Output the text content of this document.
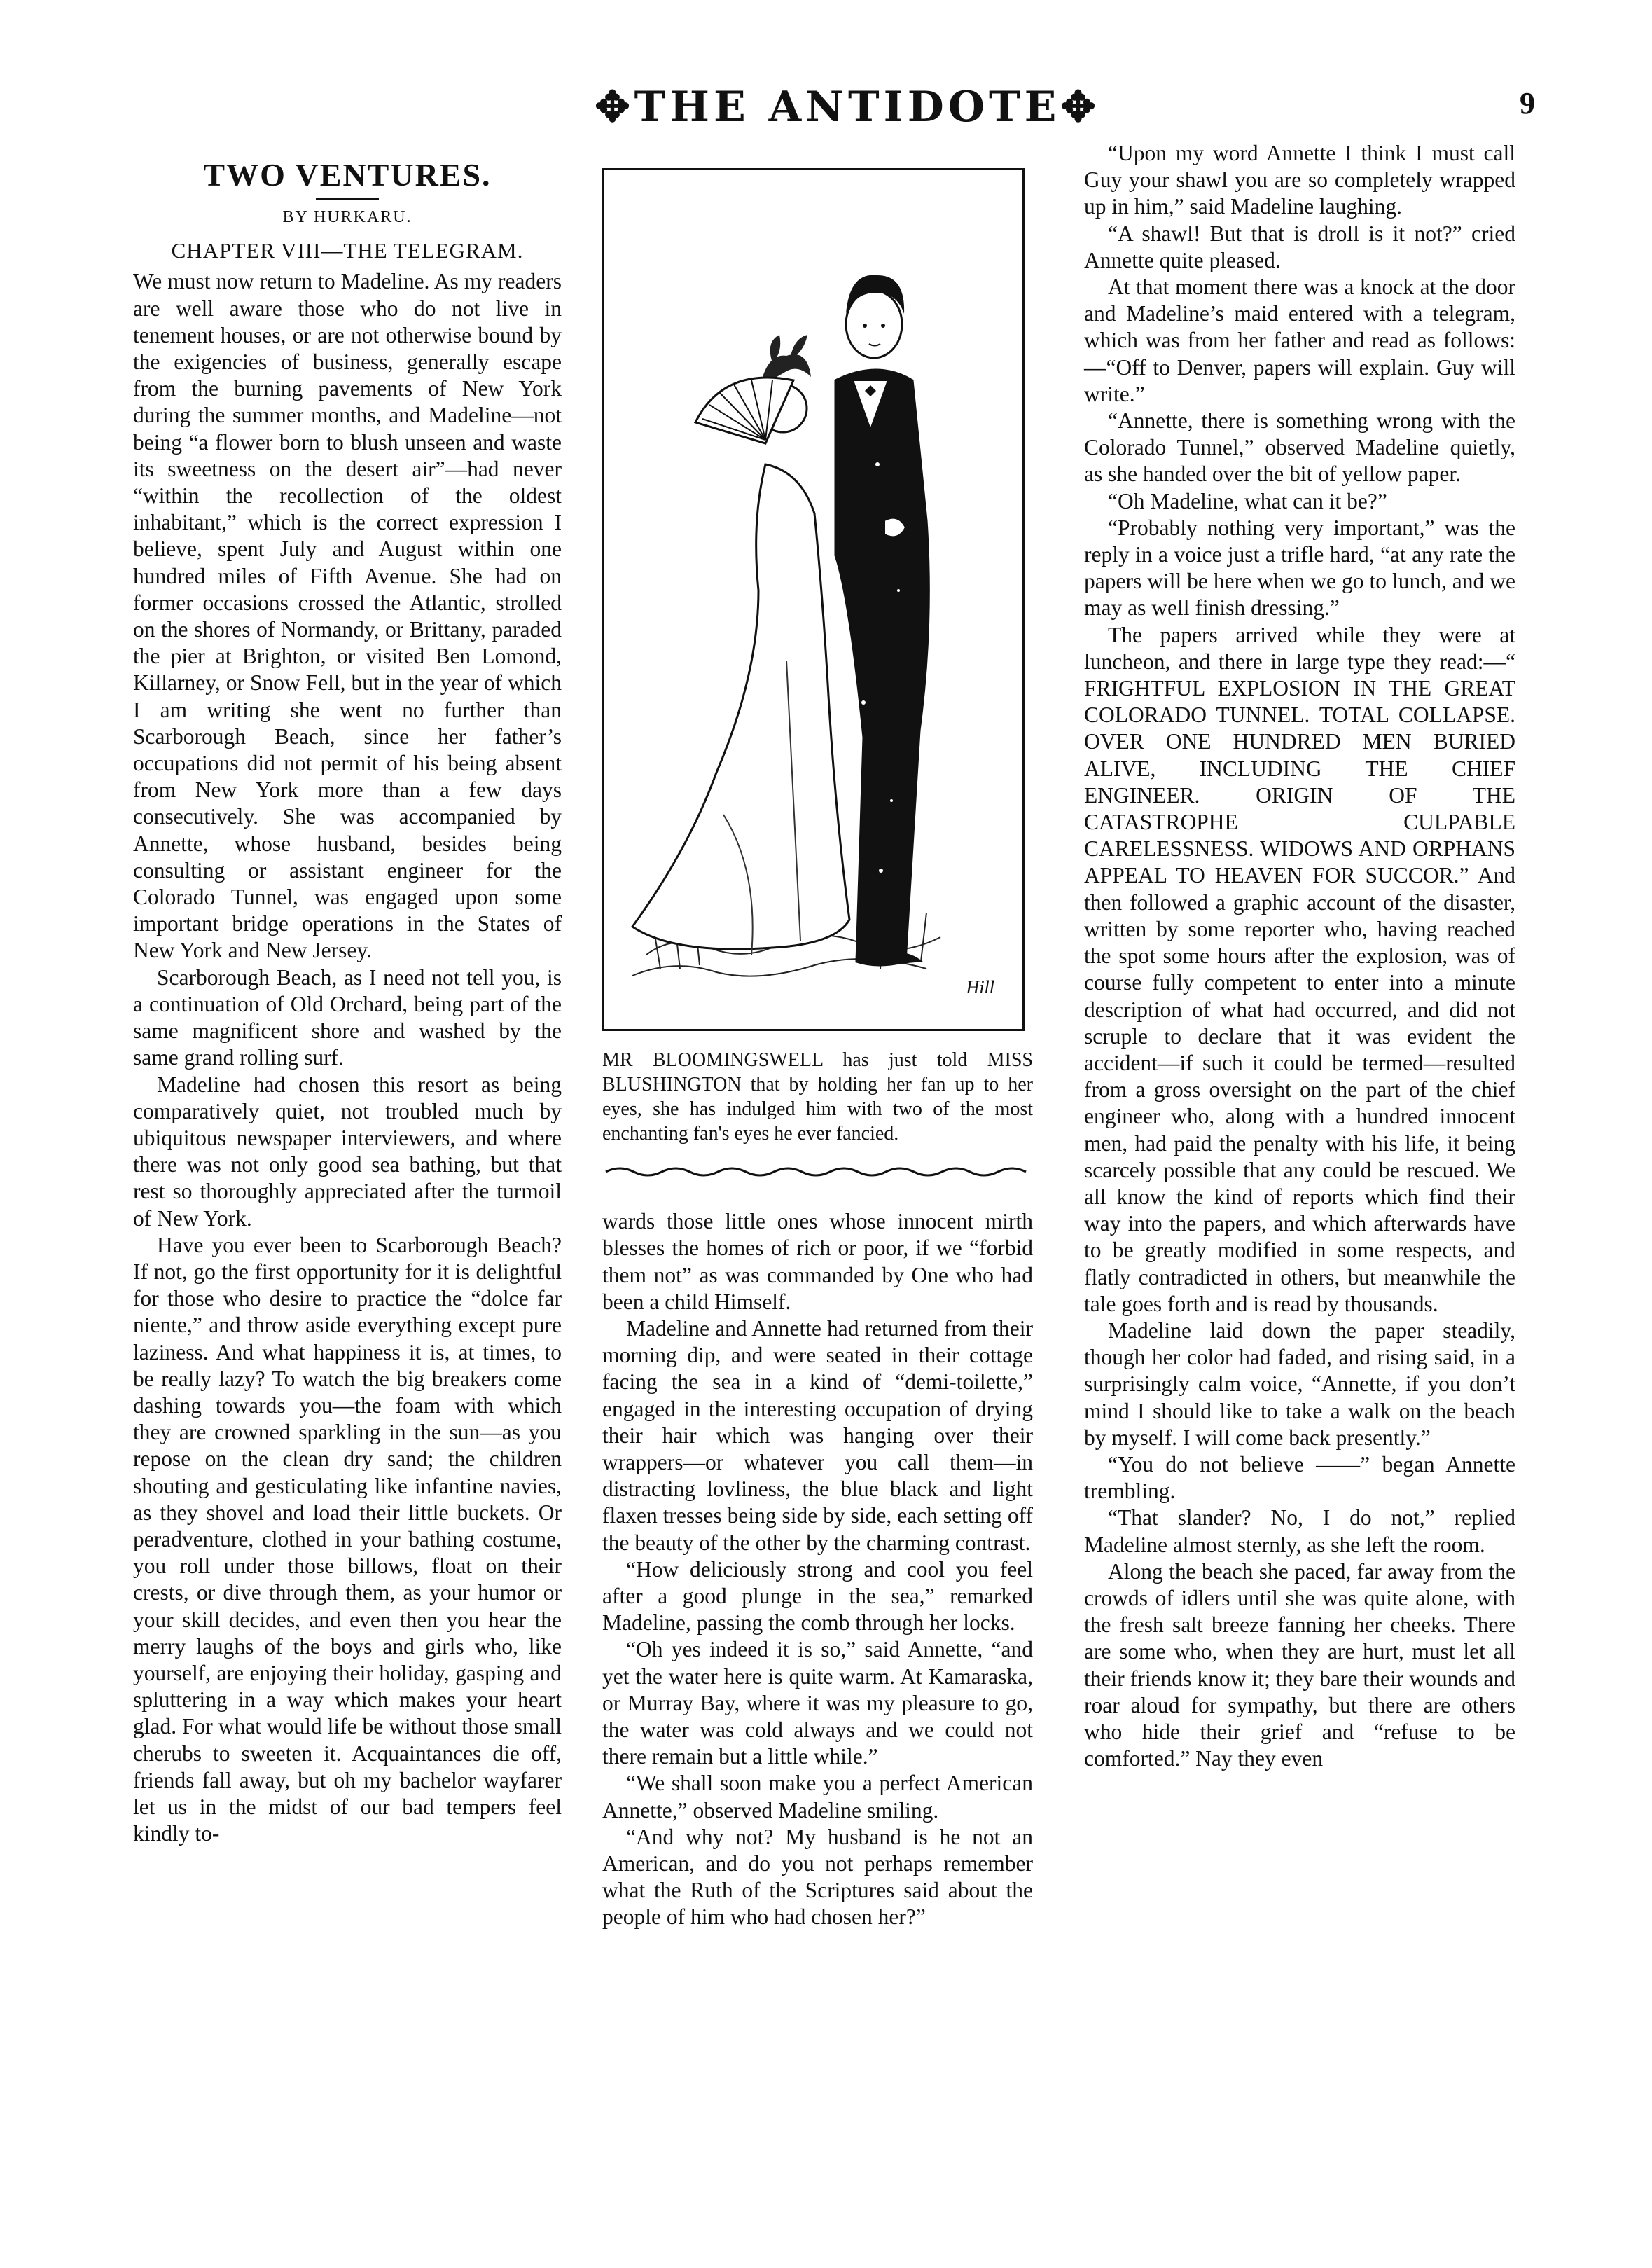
✥THE ANTIDOTE✥	9
TWO VENTURES.
BY HURKARU.
CHAPTER VIII—THE TELEGRAM.

We must now return to Madeline. As my readers are well aware those who do not live in tenement houses, or are not otherwise bound by the exigencies of business, generally escape from the burning pavements of New York during the summer months, and Madeline—not being “a flower born to blush unseen and waste its sweetness on the desert air”—had never “within the recollection of the oldest inhabitant,” which is the correct expression I believe, spent July and August within one hundred miles of Fifth Avenue. She had on former occasions crossed the Atlantic, strolled on the shores of Normandy, or Brittany, paraded the pier at Brighton, or visited Ben Lomond, Killarney, or Snow Fell, but in the year of which I am writing she went no further than Scarborough Beach, since her father’s occupations did not permit of his being absent from New York more than a few days consecutively. She was accompanied by Annette, whose husband, besides being consulting or assistant engineer for the Colorado Tunnel, was engaged upon some important bridge operations in the States of New York and New Jersey.

Scarborough Beach, as I need not tell you, is a continuation of Old Orchard, being part of the same magnificent shore and washed by the same grand rolling surf.

Madeline had chosen this resort as being comparatively quiet, not troubled much by ubiquitous newspaper interviewers, and where there was not only good sea bathing, but that rest so thoroughly appreciated after the turmoil of New York.

Have you ever been to Scarborough Beach? If not, go the first opportunity for it is delightful for those who desire to practice the “dolce far niente,” and throw aside everything except pure laziness. And what happiness it is, at times, to be really lazy? To watch the big breakers come dashing towards you—the foam with which they are crowned sparkling in the sun—as you repose on the clean dry sand; the children shouting and gesticulating like infantine navies, as they shovel and load their little buckets. Or peradventure, clothed in your bathing costume, you roll under those billows, float on their crests, or dive through them, as your humor or your skill decides, and even then you hear the merry laughs of the boys and girls who, like yourself, are enjoying their holiday, gasping and spluttering in a way which makes your heart glad. For what would life be without those small cherubs to sweeten it. Acquaintances die off, friends fall away, but oh my bachelor wayfarer let us in the midst of our bad tempers feel kindly to-

Hill
MR BLOOMINGSWELL has just told MISS BLUSHINGTON that by holding her fan up to her eyes, she has indulged him with two of the most enchanting fan's eyes he ever fancied.

wards those little ones whose innocent mirth blesses the homes of rich or poor, if we “forbid them not” as was commanded by One who had been a child Himself.

Madeline and Annette had returned from their morning dip, and were seated in their cottage facing the sea in a kind of “demi-toilette,” engaged in the interesting occupation of drying their hair which was hanging over their wrappers—or whatever you call them—in distracting lovliness, the blue black and light flaxen tresses being side by side, each setting off the beauty of the other by the charming contrast.

“How deliciously strong and cool you feel after a good plunge in the sea,” remarked Madeline, passing the comb through her locks.

“Oh yes indeed it is so,” said Annette, “and yet the water here is quite warm. At Kamaraska, or Murray Bay, where it was my pleasure to go, the water was cold always and we could not there remain but a little while.”

“We shall soon make you a perfect American Annette,” observed Madeline smiling.

“And why not? My husband is he not an American, and do you not perhaps remember what the Ruth of the Scriptures said about the people of him who had chosen her?”

“Upon my word Annette I think I must call Guy your shawl you are so completely wrapped up in him,” said Madeline laughing.

“A shawl! But that is droll is it not?” cried Annette quite pleased.

At that moment there was a knock at the door and Madeline’s maid entered with a telegram, which was from her father and read as follows:—“Off to Denver, papers will explain. Guy will write.”

“Annette, there is something wrong with the Colorado Tunnel,” observed Madeline quietly, as she handed over the bit of yellow paper.

“Oh Madeline, what can it be?”

“Probably nothing very important,” was the reply in a voice just a trifle hard, “at any rate the papers will be here when we go to lunch, and we may as well finish dressing.”

The papers arrived while they were at luncheon, and there in large type they read:—“ FRIGHTFUL EXPLOSION IN THE GREAT COLORADO TUNNEL. TOTAL COLLAPSE. OVER ONE HUNDRED MEN BURIED ALIVE, INCLUDING THE CHIEF ENGINEER. ORIGIN OF THE CATASTROPHE CULPABLE CARELESSNESS. WIDOWS AND ORPHANS APPEAL TO HEAVEN FOR SUCCOR.” And then followed a graphic account of the disaster, written by some reporter who, having reached the spot some hours after the explosion, was of course fully competent to enter into a minute description of what had occurred, and did not scruple to declare that it was evident the accident—if such it could be termed—resulted from a gross oversight on the part of the chief engineer who, along with a hundred innocent men, had paid the penalty with his life, it being scarcely possible that any could be rescued. We all know the kind of reports which find their way into the papers, and which afterwards have to be greatly modified in some respects, and flatly contradicted in others, but meanwhile the tale goes forth and is read by thousands.

Madeline laid down the paper steadily, though her color had faded, and rising said, in a surprisingly calm voice, “Annette, if you don’t mind I should like to take a walk on the beach by myself. I will come back presently.”

“You do not believe ——” began Annette trembling.

“That slander? No, I do not,” replied Madeline almost sternly, as she left the room.

Along the beach she paced, far away from the crowds of idlers until she was quite alone, with the fresh salt breeze fanning her cheeks. There are some who, when they are hurt, must let all their friends know it; they bare their wounds and roar aloud for sympathy, but there are others who hide their grief and “refuse to be comforted.” Nay they even
